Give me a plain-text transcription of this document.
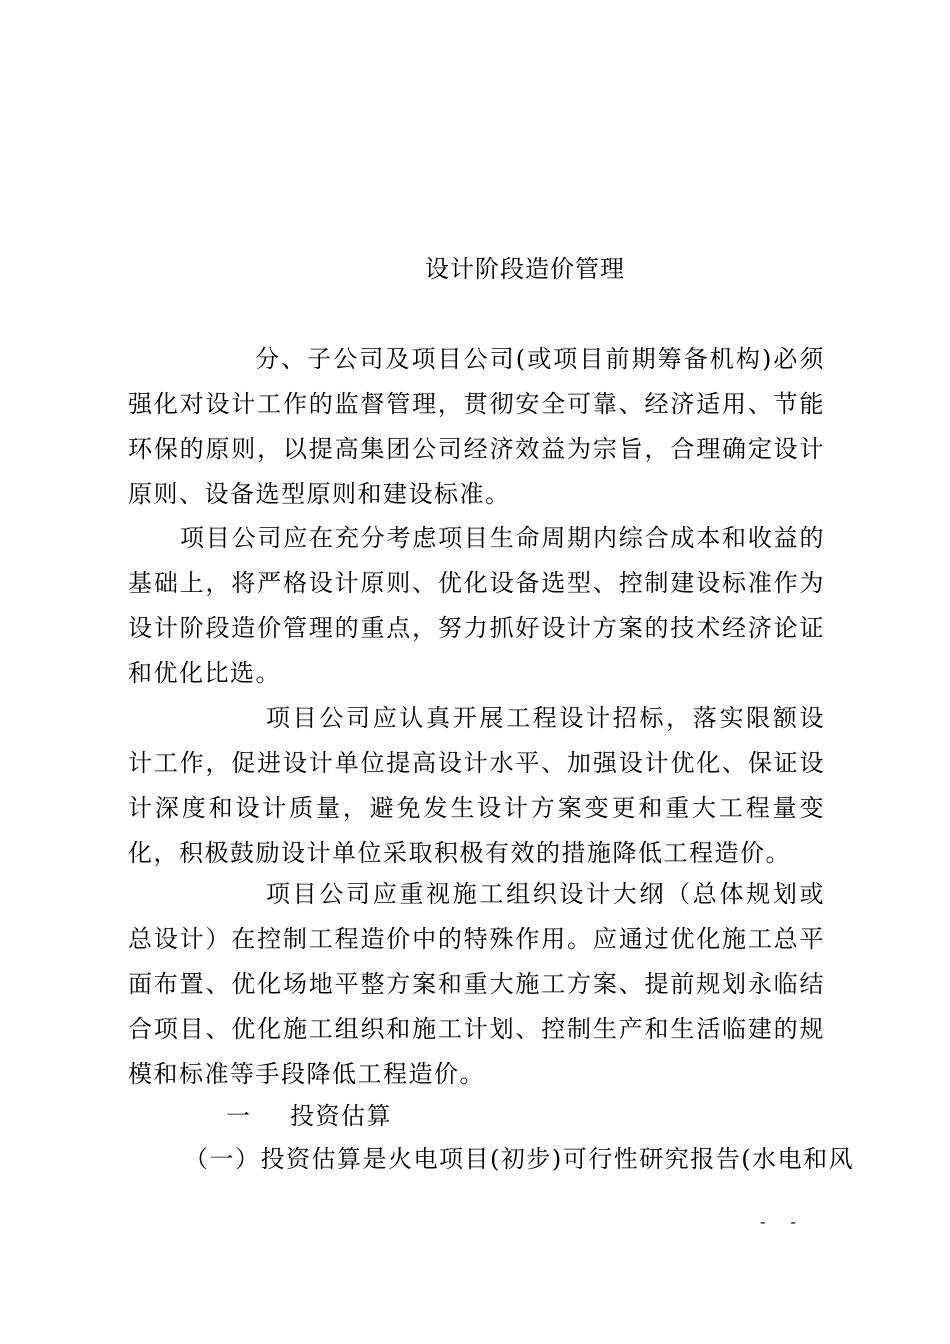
设计阶段造价管理

分、子公司及项目公司(或项目前期筹备机构)必须强化对设计工作的监督管理，贯彻安全可靠、经济适用、节能环保的原则，以提高集团公司经济效益为宗旨，合理确定设计原则、设备选型原则和建设标准。

项目公司应在充分考虑项目生命周期内综合成本和收益的基础上，将严格设计原则、优化设备选型、控制建设标准作为设计阶段造价管理的重点，努力抓好设计方案的技术经济论证和优化比选。

项目公司应认真开展工程设计招标，落实限额设计工作，促进设计单位提高设计水平、加强设计优化、保证设计深度和设计质量，避免发生设计方案变更和重大工程量变化，积极鼓励设计单位采取积极有效的措施降低工程造价。

项目公司应重视施工组织设计大纲（总体规划或总设计）在控制工程造价中的特殊作用。应通过优化施工总平面布置、优化场地平整方案和重大施工方案、提前规划永临结合项目、优化施工组织和施工计划、控制生产和生活临建的规模和标准等手段降低工程造价。

一 投资估算
（一）投资估算是火电项目(初步)可行性研究报告(水电和风
- -
